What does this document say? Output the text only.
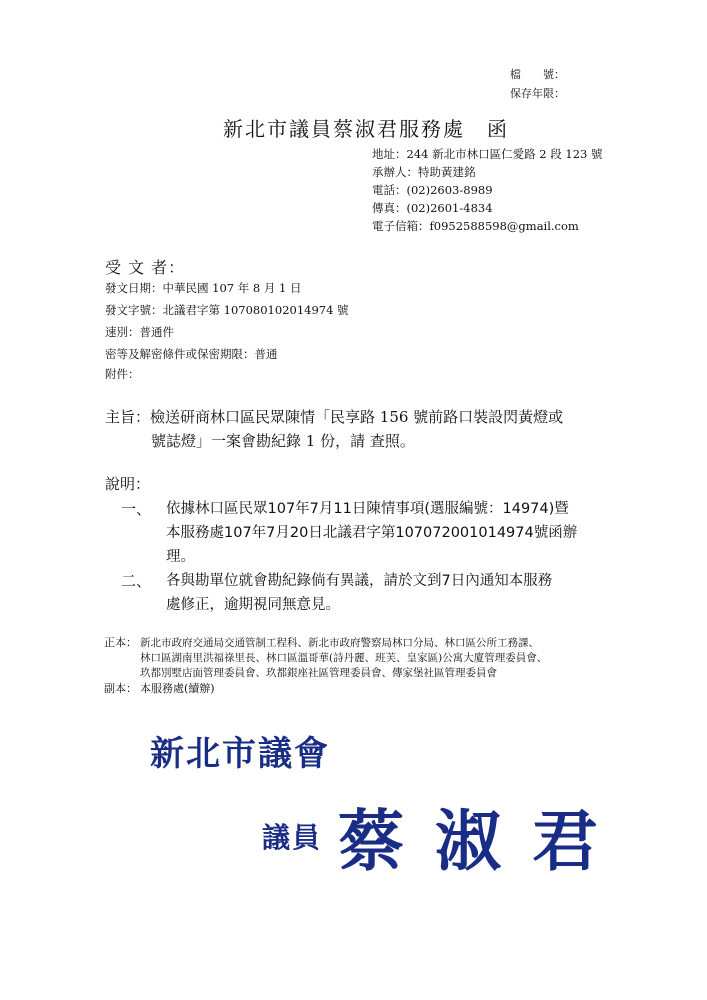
檔　　號：
保存年限：
新北市議員蔡淑君服務處　函
地址：244 新北市林口區仁愛路 2 段 123 號
承辦人：特助黃建銘
電話：(02)2603-8989
傳真：(02)2601-4834
電子信箱：f0952588598@gmail.com
受 文 者：
發文日期：中華民國 107 年 8 月 1 日
發文字號：北議君字第 107080102014974 號
速別：普通件
密等及解密條件或保密期限：普通
附件：
主旨：檢送研商林口區民眾陳情「民享路 156 號前路口裝設閃黃燈或
號誌燈」一案會勘紀錄 1 份，請 查照。
說明：
一、 依據林口區民眾107年7月11日陳情事項(選服編號：14974)暨
本服務處107年7月20日北議君字第107072001014974號函辦
理。
二、 各與勘單位就會勘紀錄倘有異議，請於文到7日內通知本服務
處修正，逾期視同無意見。
正本： 新北市政府交通局交通管制工程科、新北市政府警察局林口分局、林口區公所工務課、
林口區湖南里洪福祿里長、林口區溫哥華(詩丹麗、班芙、皇家區)公寓大廈管理委員會、
玖都別墅店面管理委員會、玖都銀座社區管理委員會、傳家堡社區管理委員會
副本： 本服務處(續辦)
新北市議會
議員 蔡 淑 君
